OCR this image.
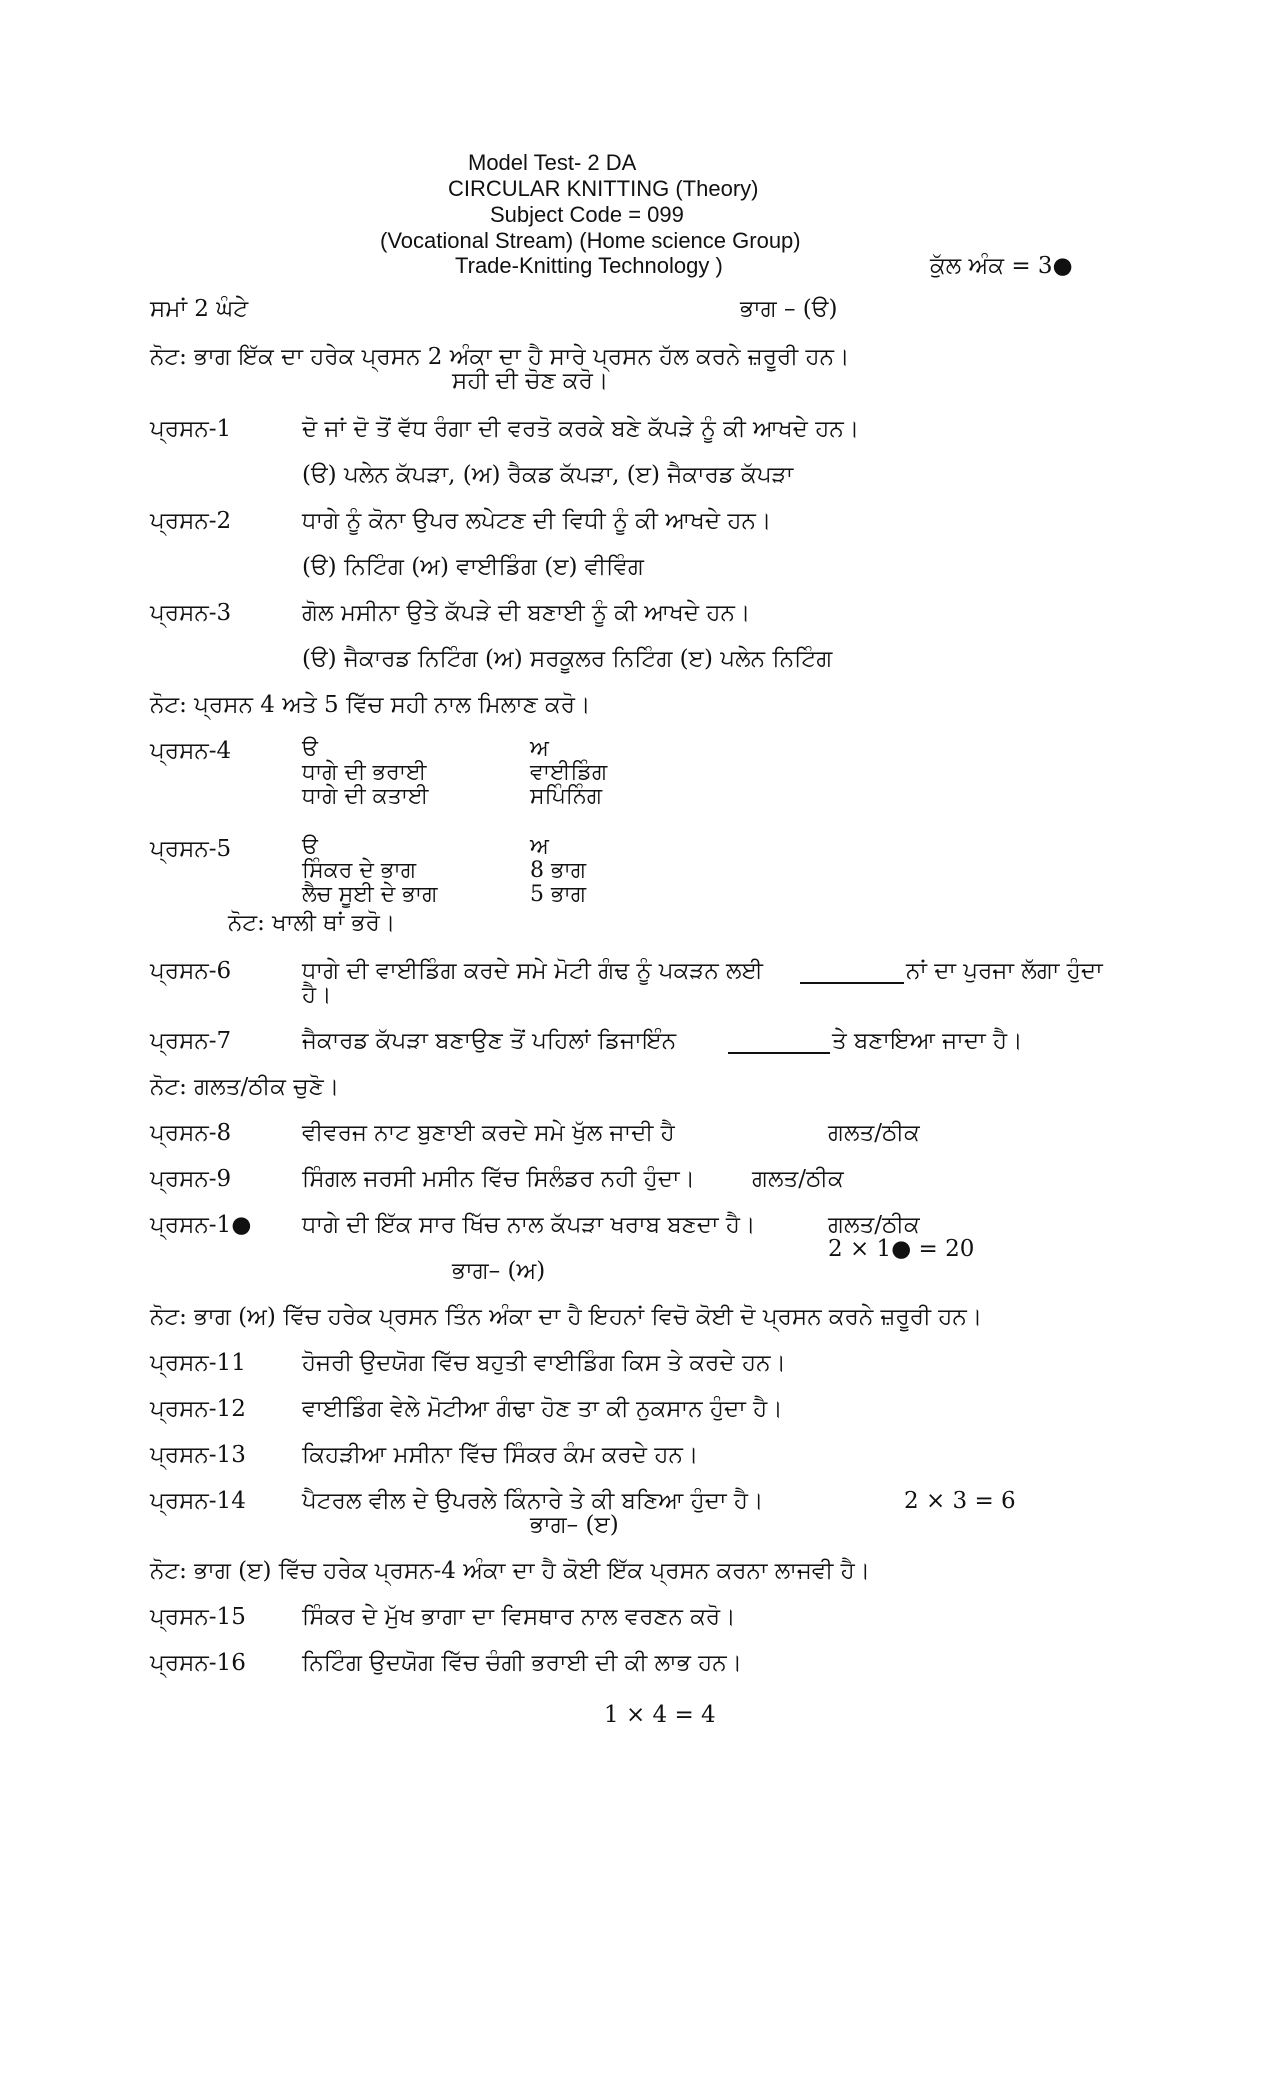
Model Test- 2 DA
CIRCULAR KNITTING (Theory)
Subject Code = 099
(Vocational Stream) (Home science Group)
Trade-Knitting Technology )	ਕੁੱਲ ਅੰਕ = 3●
ਸਮਾਂ 2 ਘੰਟੇ	ਭਾਗ – (ੳ)
ਨੋਟ: ਭਾਗ ਇੱਕ ਦਾ ਹਰੇਕ ਪ੍ਰਸਨ 2 ਅੰਕਾ ਦਾ ਹੈ ਸਾਰੇ ਪ੍ਰਸਨ ਹੱਲ ਕਰਨੇ ਜ਼ਰੂਰੀ ਹਨ।
ਸਹੀ ਦੀ ਚੋਣ ਕਰੋ।
ਪ੍ਰਸਨ-1	ਦੋ ਜਾਂ ਦੋ ਤੋਂ ਵੱਧ ਰੰਗਾ ਦੀ ਵਰਤੋ ਕਰਕੇ ਬਣੇ ਕੱਪੜੇ ਨੂੰ ਕੀ ਆਖਦੇ ਹਨ।
(ੳ) ਪਲੇਨ ਕੱਪੜਾ, (ਅ) ਰੈਕਡ ਕੱਪੜਾ, (ੲ) ਜੈਕਾਰਡ ਕੱਪੜਾ
ਪ੍ਰਸਨ-2	ਧਾਗੇ ਨੂੰ ਕੋਨਾ ਉਪਰ ਲਪੇਟਣ ਦੀ ਵਿਧੀ ਨੂੰ ਕੀ ਆਖਦੇ ਹਨ।
(ੳ) ਨਿਟਿੰਗ (ਅ) ਵਾਈਡਿੰਗ (ੲ) ਵੀਵਿੰਗ
ਪ੍ਰਸਨ-3	ਗੋਲ ਮਸੀਨਾ ਉਤੇ ਕੱਪੜੇ ਦੀ ਬਣਾਈ ਨੂੰ ਕੀ ਆਖਦੇ ਹਨ।
(ੳ) ਜੈਕਾਰਡ ਨਿਟਿੰਗ (ਅ) ਸਰਕੂਲਰ ਨਿਟਿੰਗ (ੲ) ਪਲੇਨ ਨਿਟਿੰਗ
ਨੋਟ: ਪ੍ਰਸਨ 4 ਅਤੇ 5 ਵਿੱਚ ਸਹੀ ਨਾਲ ਮਿਲਾਣ ਕਰੋ।
ਪ੍ਰਸਨ-4	ੳ	ਅ
ਧਾਗੇ ਦੀ ਭਰਾਈ	ਵਾਈਡਿੰਗ
ਧਾਗੇ ਦੀ ਕਤਾਈ	ਸਪਿੰਨਿੰਗ
ਪ੍ਰਸਨ-5	ੳ	ਅ
ਸਿੰਕਰ ਦੇ ਭਾਗ	8 ਭਾਗ
ਲੈਚ ਸੂਈ ਦੇ ਭਾਗ	5 ਭਾਗ
ਨੋਟ: ਖਾਲੀ ਥਾਂ ਭਰੋ।
ਪ੍ਰਸਨ-6	ਧਾਗੇ ਦੀ ਵਾਈਡਿੰਗ ਕਰਦੇ ਸਮੇ ਮੋਟੀ ਗੰਢ ਨੂੰ ਪਕੜਨ ਲਈ	ਨਾਂ ਦਾ ਪੁਰਜਾ ਲੱਗਾ ਹੁੰਦਾ
ਹੈ।
ਪ੍ਰਸਨ-7	ਜੈਕਾਰਡ ਕੱਪੜਾ ਬਣਾਉਣ ਤੋਂ ਪਹਿਲਾਂ ਡਿਜਾਇੰਨ	ਤੇ ਬਣਾਇਆ ਜਾਦਾ ਹੈ।
ਨੋਟ: ਗਲਤ/ਠੀਕ ਚੁਣੋ।
ਪ੍ਰਸਨ-8	ਵੀਵਰਜ ਨਾਟ ਬੁਣਾਈ ਕਰਦੇ ਸਮੇ ਖੁੱਲ ਜਾਦੀ ਹੈ	ਗਲਤ/ਠੀਕ
ਪ੍ਰਸਨ-9	ਸਿੰਗਲ ਜਰਸੀ ਮਸੀਨ ਵਿੱਚ ਸਿਲੰਡਰ ਨਹੀ ਹੁੰਦਾ। ਗਲਤ/ਠੀਕ
ਪ੍ਰਸਨ-1● ਧਾਗੇ ਦੀ ਇੱਕ ਸਾਰ ਖਿੱਚ ਨਾਲ ਕੱਪੜਾ ਖਰਾਬ ਬਣਦਾ ਹੈ।	ਗਲਤ/ਠੀਕ
2 × 1● = 20
ਭਾਗ– (ਅ)
ਨੋਟ: ਭਾਗ (ਅ) ਵਿੱਚ ਹਰੇਕ ਪ੍ਰਸਨ ਤਿੰਨ ਅੰਕਾ ਦਾ ਹੈ ਇਹਨਾਂ ਵਿਚੋ ਕੋਈ ਦੋ ਪ੍ਰਸਨ ਕਰਨੇ ਜ਼ਰੂਰੀ ਹਨ।
ਪ੍ਰਸਨ-11 ਹੋਜਰੀ ਉਦਯੋਗ ਵਿੱਚ ਬਹੁਤੀ ਵਾਈਡਿੰਗ ਕਿਸ ਤੇ ਕਰਦੇ ਹਨ।
ਪ੍ਰਸਨ-12 ਵਾਈਡਿੰਗ ਵੇਲੇ ਮੋਟੀਆ ਗੰਢਾ ਹੋਣ ਤਾ ਕੀ ਨੁਕਸਾਨ ਹੁੰਦਾ ਹੈ।
ਪ੍ਰਸਨ-13 ਕਿਹੜੀਆ ਮਸੀਨਾ ਵਿੱਚ ਸਿੰਕਰ ਕੰਮ ਕਰਦੇ ਹਨ।
ਪ੍ਰਸਨ-14 ਪੈਟਰਲ ਵੀਲ ਦੇ ਉਪਰਲੇ ਕਿੰਨਾਰੇ ਤੇ ਕੀ ਬਣਿਆ ਹੁੰਦਾ ਹੈ।	2 × 3 = 6
ਭਾਗ– (ੲ)
ਨੋਟ: ਭਾਗ (ੲ) ਵਿੱਚ ਹਰੇਕ ਪ੍ਰਸਨ-4 ਅੰਕਾ ਦਾ ਹੈ ਕੋਈ ਇੱਕ ਪ੍ਰਸਨ ਕਰਨਾ ਲਾਜਵੀ ਹੈ।
ਪ੍ਰਸਨ-15 ਸਿੰਕਰ ਦੇ ਮੁੱਖ ਭਾਗਾ ਦਾ ਵਿਸਥਾਰ ਨਾਲ ਵਰਣਨ ਕਰੋ।
ਪ੍ਰਸਨ-16 ਨਿਟਿੰਗ ਉਦਯੋਗ ਵਿੱਚ ਚੰਗੀ ਭਰਾਈ ਦੀ ਕੀ ਲਾਭ ਹਨ।
1 × 4 = 4
